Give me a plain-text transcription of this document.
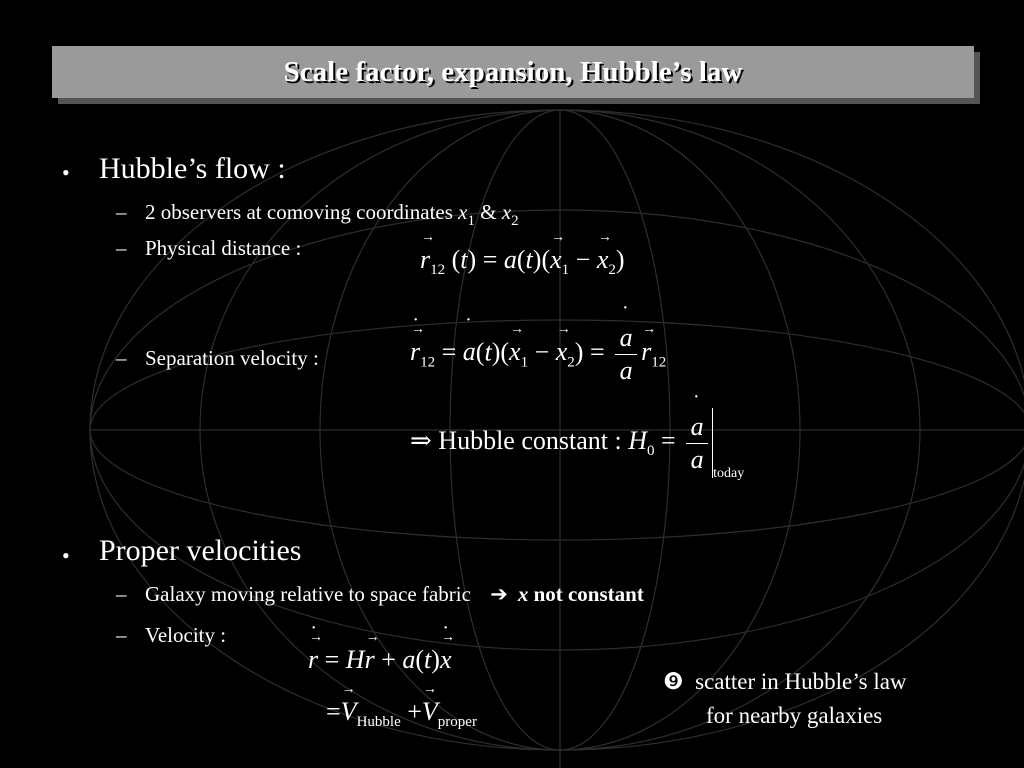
Scale factor, expansion, Hubble’s law
• Hubble’s flow :
– 2 observers at comoving coordinates $x_1$ & $x_2$
– Physical distance :
→	$r_{12}$ $(t) = a(t)(\to x_1$ − → $x_2$)
– Separation velocity :
→	r $˙_{12} = a$ ˙(t)(→ $x_1$ − → $x_2) = \frac{a ˙}{a}$
→ $r_{12}$
⇒ Hubble constant : $H_0 = \frac{a ˙}{a} _{today}$
• Proper velocities
– Galaxy moving relative to space fabric ➔ x not constant
– Velocity :
→ r ˙ = H→ r + a(t)→ x ˙
=→ $V_{Hubble} +\to V_{proper}$
❾ scatter in Hubble’s law
for nearby galaxies
